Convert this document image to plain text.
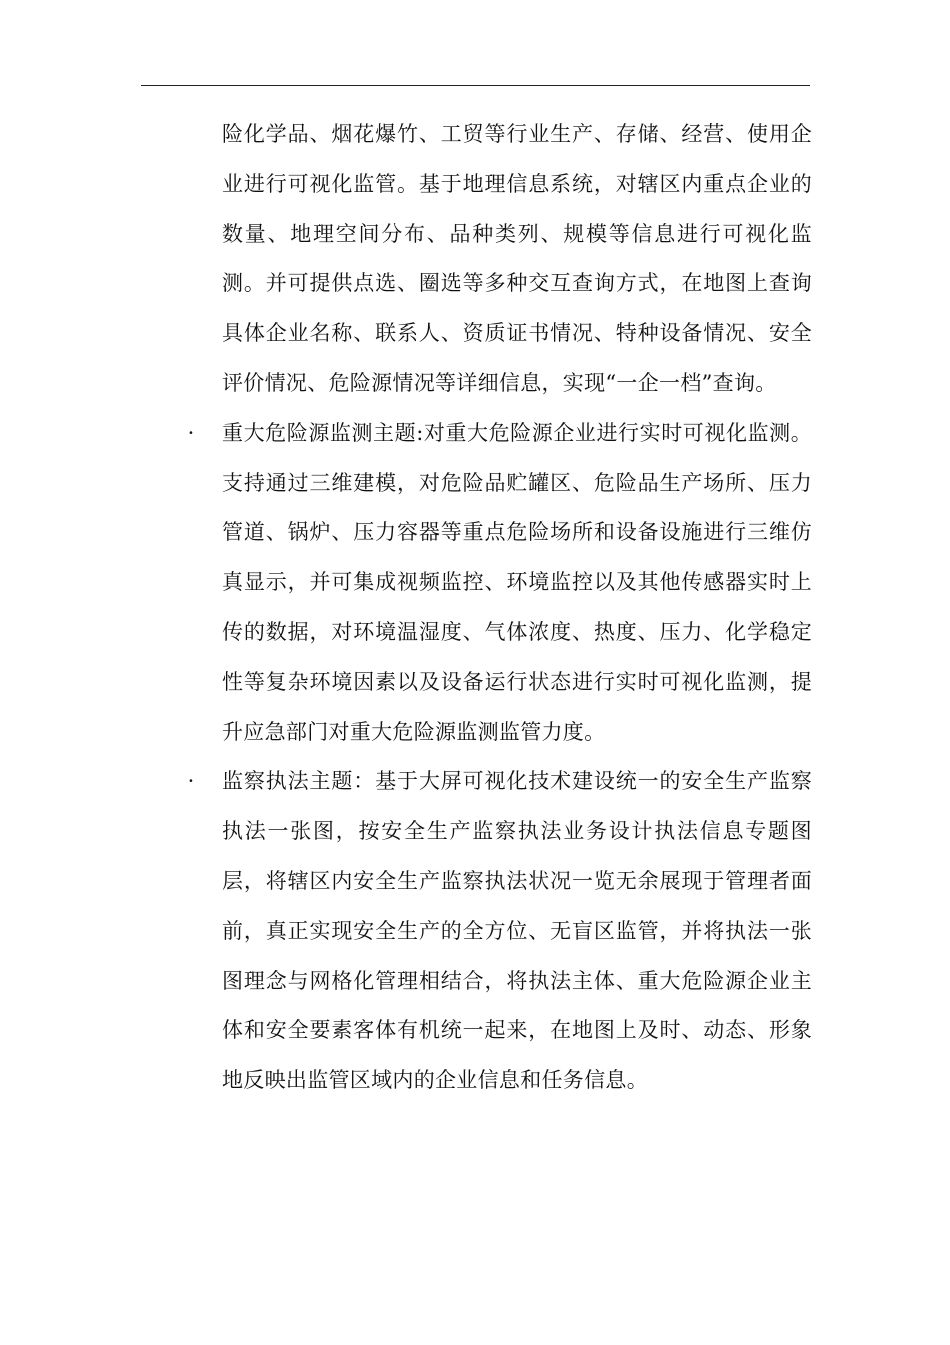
险化学品、烟花爆竹、工贸等行业生产、存储、经营、使用企业进行可视化监管。基于地理信息系统，对辖区内重点企业的数量、地理空间分布、品种类列、规模等信息进行可视化监测。并可提供点选、圈选等多种交互查询方式，在地图上查询具体企业名称、联系人、资质证书情况、特种设备情况、安全评价情况、危险源情况等详细信息，实现“一企一档”查询。

· 重大危险源监测主题:对重大危险源企业进行实时可视化监测。支持通过三维建模，对危险品贮罐区、危险品生产场所、压力管道、锅炉、压力容器等重点危险场所和设备设施进行三维仿真显示，并可集成视频监控、环境监控以及其他传感器实时上传的数据，对环境温湿度、气体浓度、热度、压力、化学稳定性等复杂环境因素以及设备运行状态进行实时可视化监测，提升应急部门对重大危险源监测监管力度。

· 监察执法主题：基于大屏可视化技术建设统一的安全生产监察执法一张图，按安全生产监察执法业务设计执法信息专题图层，将辖区内安全生产监察执法状况一览无余展现于管理者面前，真正实现安全生产的全方位、无盲区监管，并将执法一张图理念与网格化管理相结合，将执法主体、重大危险源企业主体和安全要素客体有机统一起来，在地图上及时、动态、形象地反映出监管区域内的企业信息和任务信息。
